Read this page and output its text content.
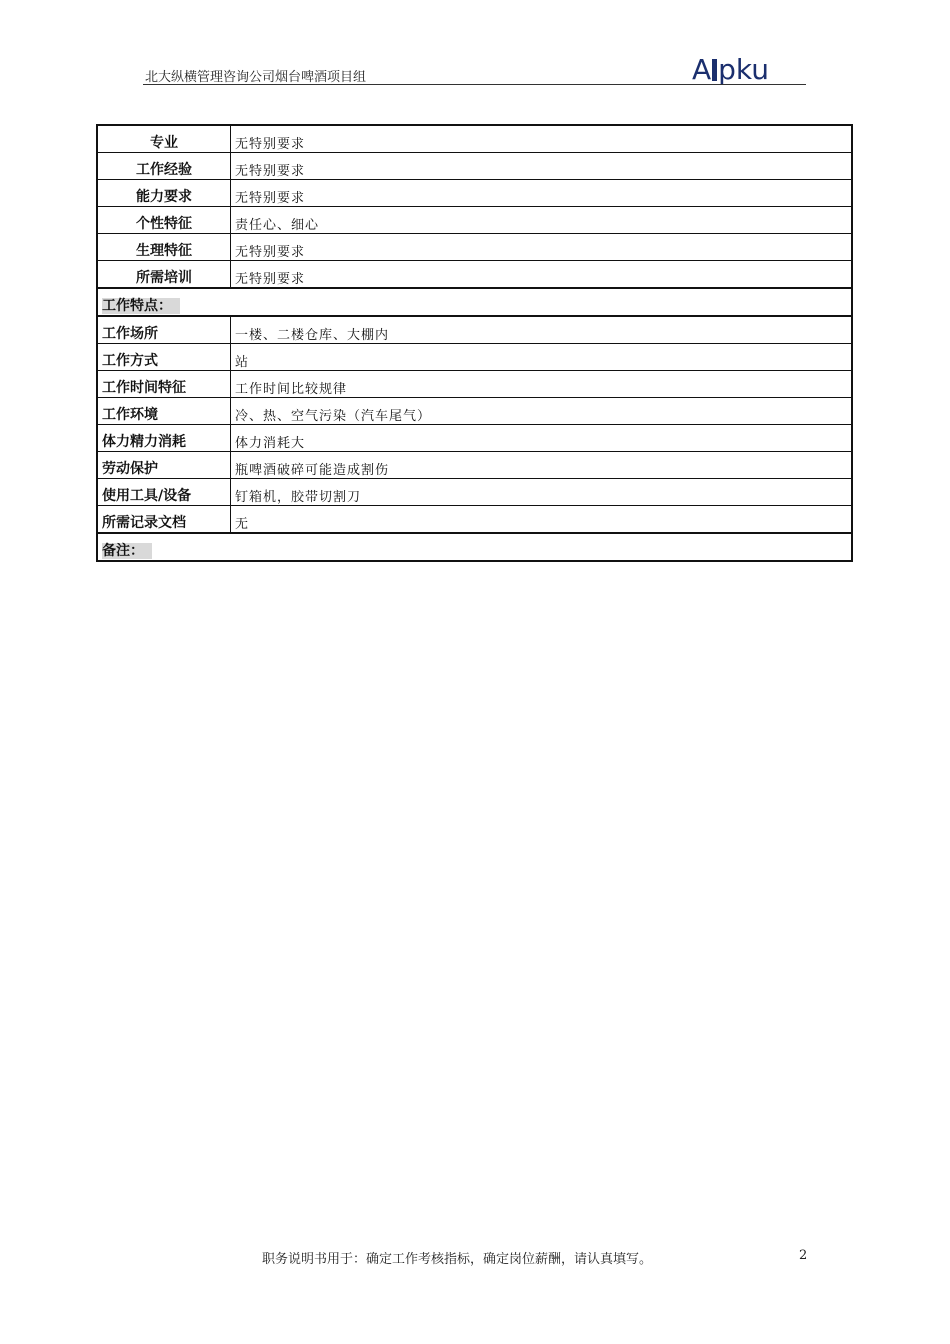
北大纵横管理咨询公司烟台啤酒项目组	A pku
专业	无特别要求
工作经验	无特别要求
能力要求	无特别要求
个性特征	责任心、细心
生理特征	无特别要求
所需培训	无特别要求
工作特点：	
工作场所	一楼、二楼仓库、大棚内
工作方式	站
工作时间特征	工作时间比较规律
工作环境	冷、热、空气污染（汽车尾气）
体力精力消耗	体力消耗大
劳动保护	瓶啤酒破碎可能造成割伤
使用工具/设备	钉箱机，胶带切割刀
所需记录文档	无
备注：	
职务说明书用于：确定工作考核指标，确定岗位薪酬，请认真填写。	2
